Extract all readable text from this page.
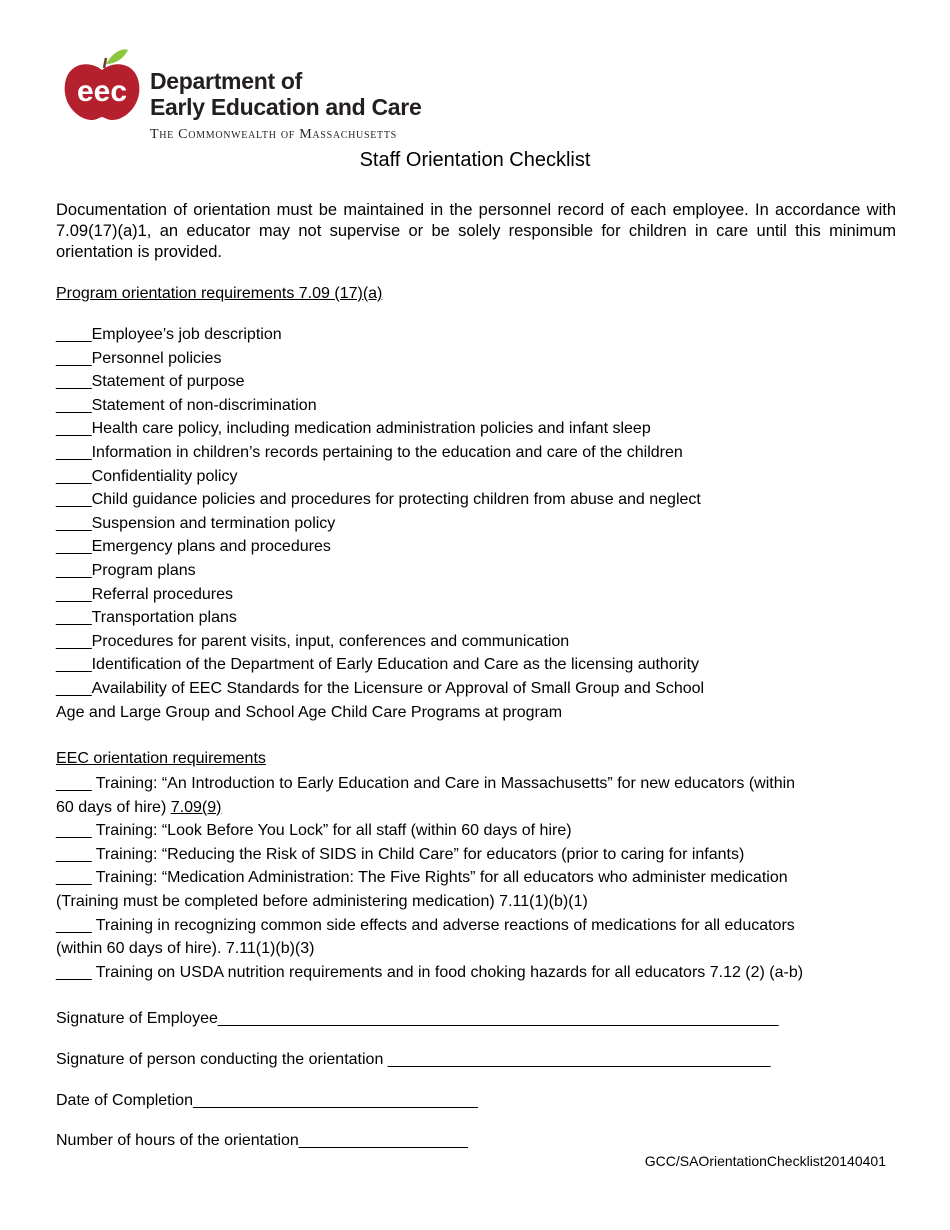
eec Department of
Early Education and Care
The Commonwealth of Massachusetts
Staff Orientation Checklist
Documentation of orientation must be maintained in the personnel record of each employee. In accordance with 7.09(17)(a)1, an educator may not supervise or be solely responsible for children in care until this minimum orientation is provided.
Program orientation requirements 7.09 (17)(a)
____Employee’s job description
____Personnel policies
____Statement of purpose
____Statement of non-discrimination
____Health care policy, including medication administration policies and infant sleep
____Information in children’s records pertaining to the education and care of the children
____Confidentiality policy
____Child guidance policies and procedures for protecting children from abuse and neglect
____Suspension and termination policy
____Emergency plans and procedures
____Program plans
____Referral procedures
____Transportation plans
____Procedures for parent visits, input, conferences and communication
____Identification of the Department of Early Education and Care as the licensing authority
____Availability of EEC Standards for the Licensure or Approval of Small Group and School
Age and Large Group and School Age Child Care Programs at program
EEC orientation requirements
____ Training: “An Introduction to Early Education and Care in Massachusetts” for new educators (within
60 days of hire) 7.09(9)
____ Training: “Look Before You Lock” for all staff (within 60 days of hire)
____ Training: “Reducing the Risk of SIDS in Child Care” for educators (prior to caring for infants)
____ Training: “Medication Administration: The Five Rights” for all educators who administer medication
(Training must be completed before administering medication) 7.11(1)(b)(1)
____ Training in recognizing common side effects and adverse reactions of medications for all educators
(within 60 days of hire). 7.11(1)(b)(3)
____ Training on USDA nutrition requirements and in food choking hazards for all educators 7.12 (2) (a-b)
Signature of Employee_______________________________________________________________
Signature of person conducting the orientation ___________________________________________
Date of Completion________________________________
Number of hours of the orientation___________________
GCC/SAOrientationChecklist20140401
